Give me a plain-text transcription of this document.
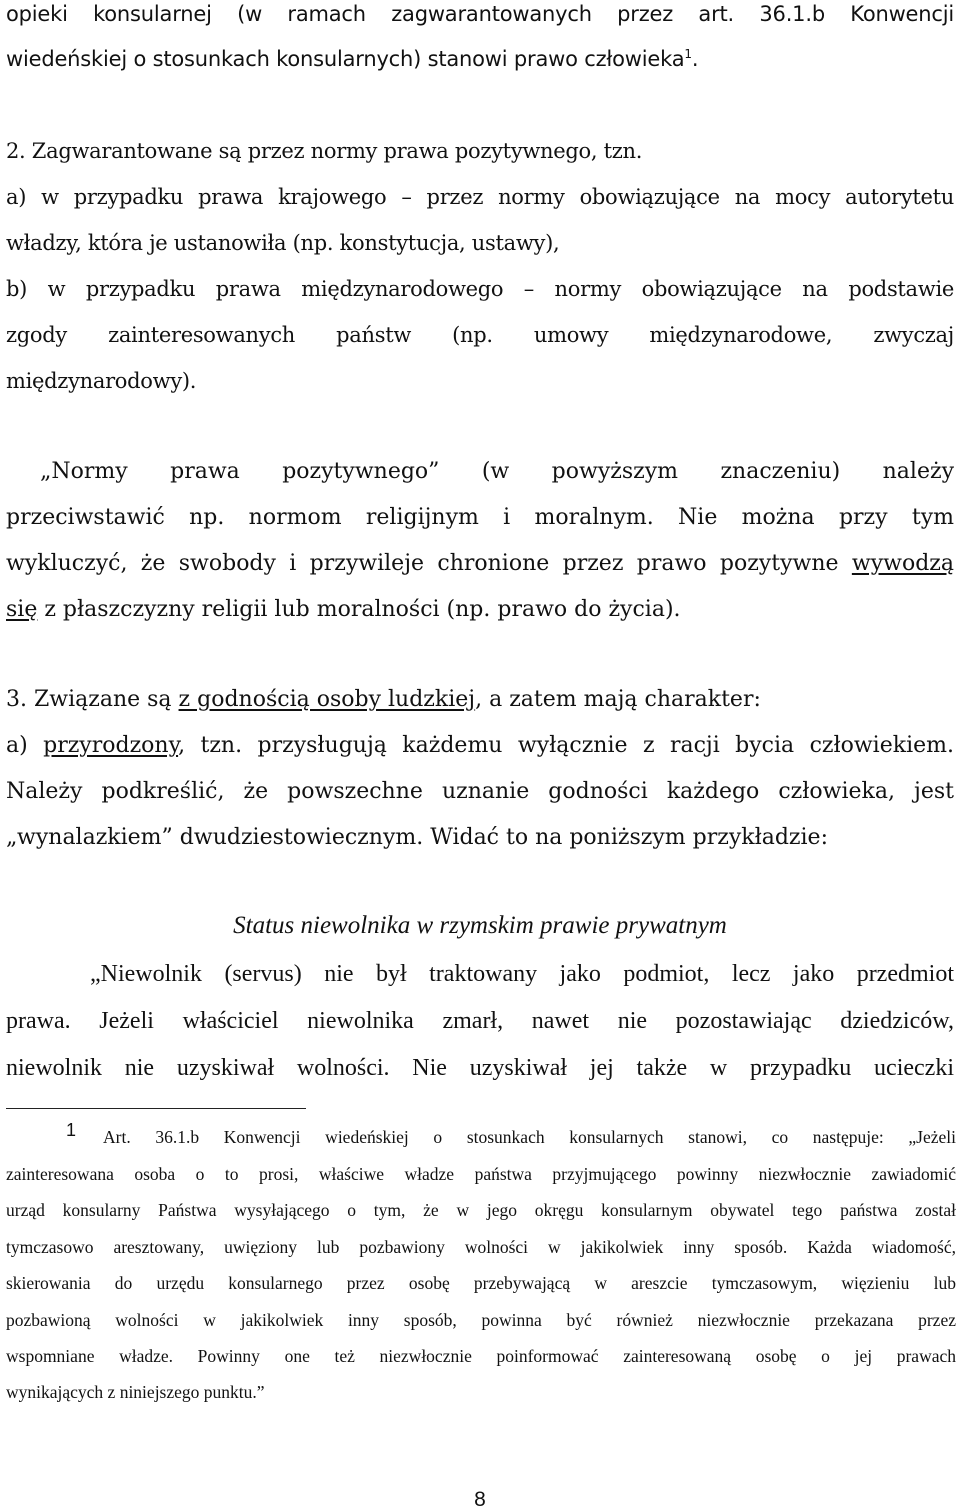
opieki konsularnej (w ramach zagwarantowanych przez art. 36.1.b Konwencji

wiedeńskiej o stosunkach konsularnych) stanowi prawo człowieka$^1$.

2. Zagwarantowane są przez normy prawa pozytywnego, tzn.

a) w przypadku prawa krajowego – przez normy obowiązujące na mocy autorytetu

władzy, która je ustanowiła (np. konstytucja, ustawy),

b) w przypadku prawa międzynarodowego – normy obowiązujące na podstawie

zgody zainteresowanych państw (np. umowy międzynarodowe, zwyczaj

międzynarodowy).

„Normy prawa pozytywnego” (w powyższym znaczeniu) należy

przeciwstawić np. normom religijnym i moralnym. Nie można przy tym

wykluczyć, że swobody i przywileje chronione przez prawo pozytywne wywodzą

się z płaszczyzny religii lub moralności (np. prawo do życia).

3. Związane są z godnością osoby ludzkiej, a zatem mają charakter:

a) przyrodzony, tzn. przysługują każdemu wyłącznie z racji bycia człowiekiem.

Należy podkreślić, że powszechne uznanie godności każdego człowieka, jest

„wynalazkiem” dwudziestowiecznym. Widać to na poniższym przykładzie:

Status niewolnika w rzymskim prawie prywatnym

„Niewolnik (servus) nie był traktowany jako podmiot, lecz jako przedmiot

prawa. Jeżeli właściciel niewolnika zmarł, nawet nie pozostawiając dziedziców,

niewolnik nie uzyskiwał wolności. Nie uzyskiwał jej także w przypadku ucieczki

1 Art. 36.1.b Konwencji wiedeńskiej o stosunkach konsularnych stanowi, co następuje: „Jeżeli

zainteresowana osoba o to prosi, właściwe władze państwa przyjmującego powinny niezwłocznie zawiadomić

urząd konsularny Państwa wysyłającego o tym, że w jego okręgu konsularnym obywatel tego państwa został

tymczasowo aresztowany, uwięziony lub pozbawiony wolności w jakikolwiek inny sposób. Każda wiadomość,

skierowania do urzędu konsularnego przez osobę przebywającą w areszcie tymczasowym, więzieniu lub

pozbawioną wolności w jakikolwiek inny sposób, powinna być również niezwłocznie przekazana przez

wspomniane władze. Powinny one też niezwłocznie poinformować zainteresowaną osobę o jej prawach

wynikających z niniejszego punktu.”

8
